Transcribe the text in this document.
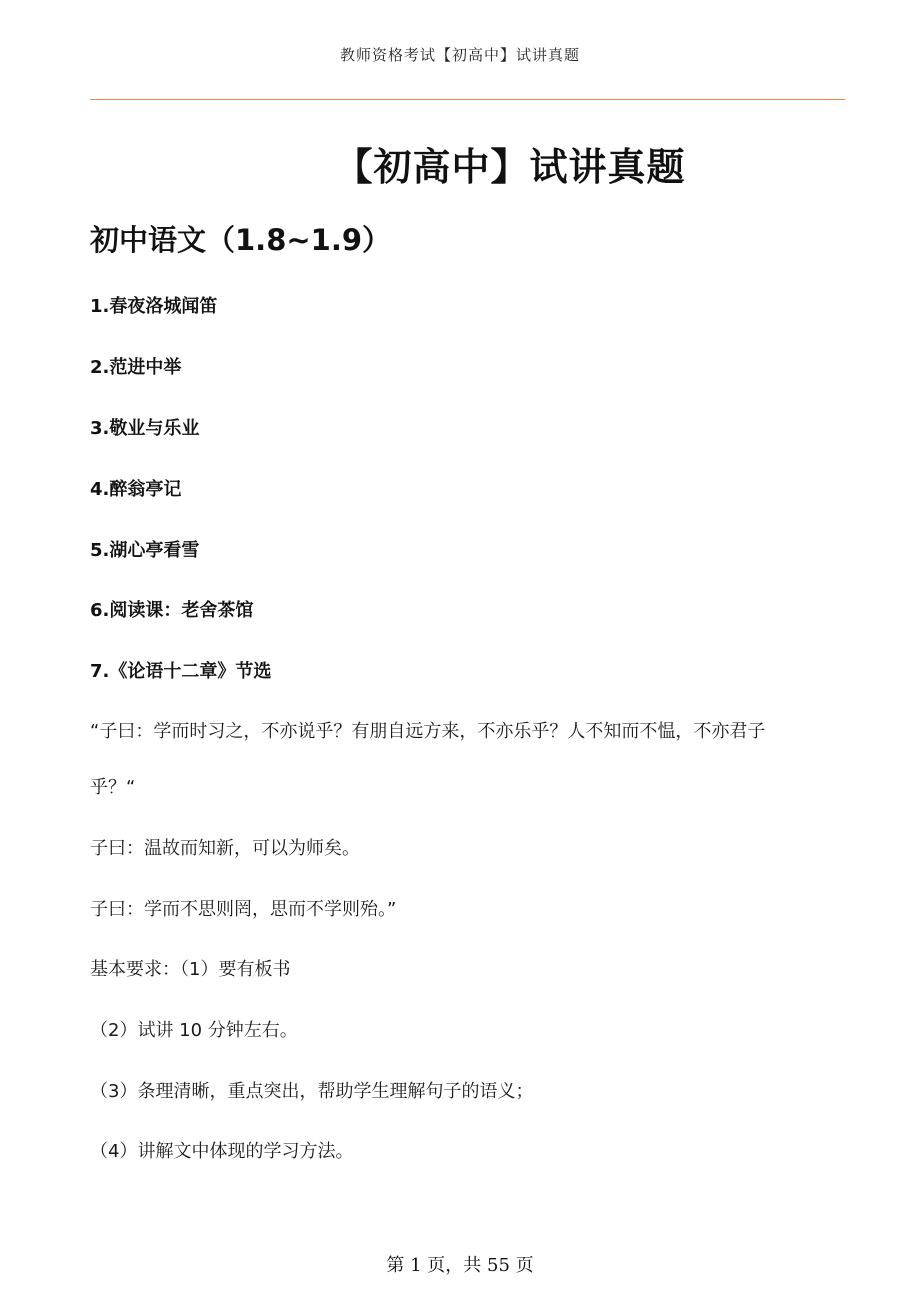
教师资格考试【初高中】试讲真题
【初高中】试讲真题
初中语文（1.8~1.9）
1.春夜洛城闻笛
2.范进中举
3.敬业与乐业
4.醉翁亭记
5.湖心亭看雪
6.阅读课：老舍茶馆
7.《论语十二章》节选
“子曰：学而时习之，不亦说乎？有朋自远方来，不亦乐乎？人不知而不愠，不亦君子
乎？“
子曰：温故而知新，可以为师矣。
子曰：学而不思则罔，思而不学则殆。”
基本要求：（1）要有板书
（2）试讲 10 分钟左右。
（3）条理清晰，重点突出，帮助学生理解句子的语义；
（4）讲解文中体现的学习方法。
第 1 页，共 55 页
